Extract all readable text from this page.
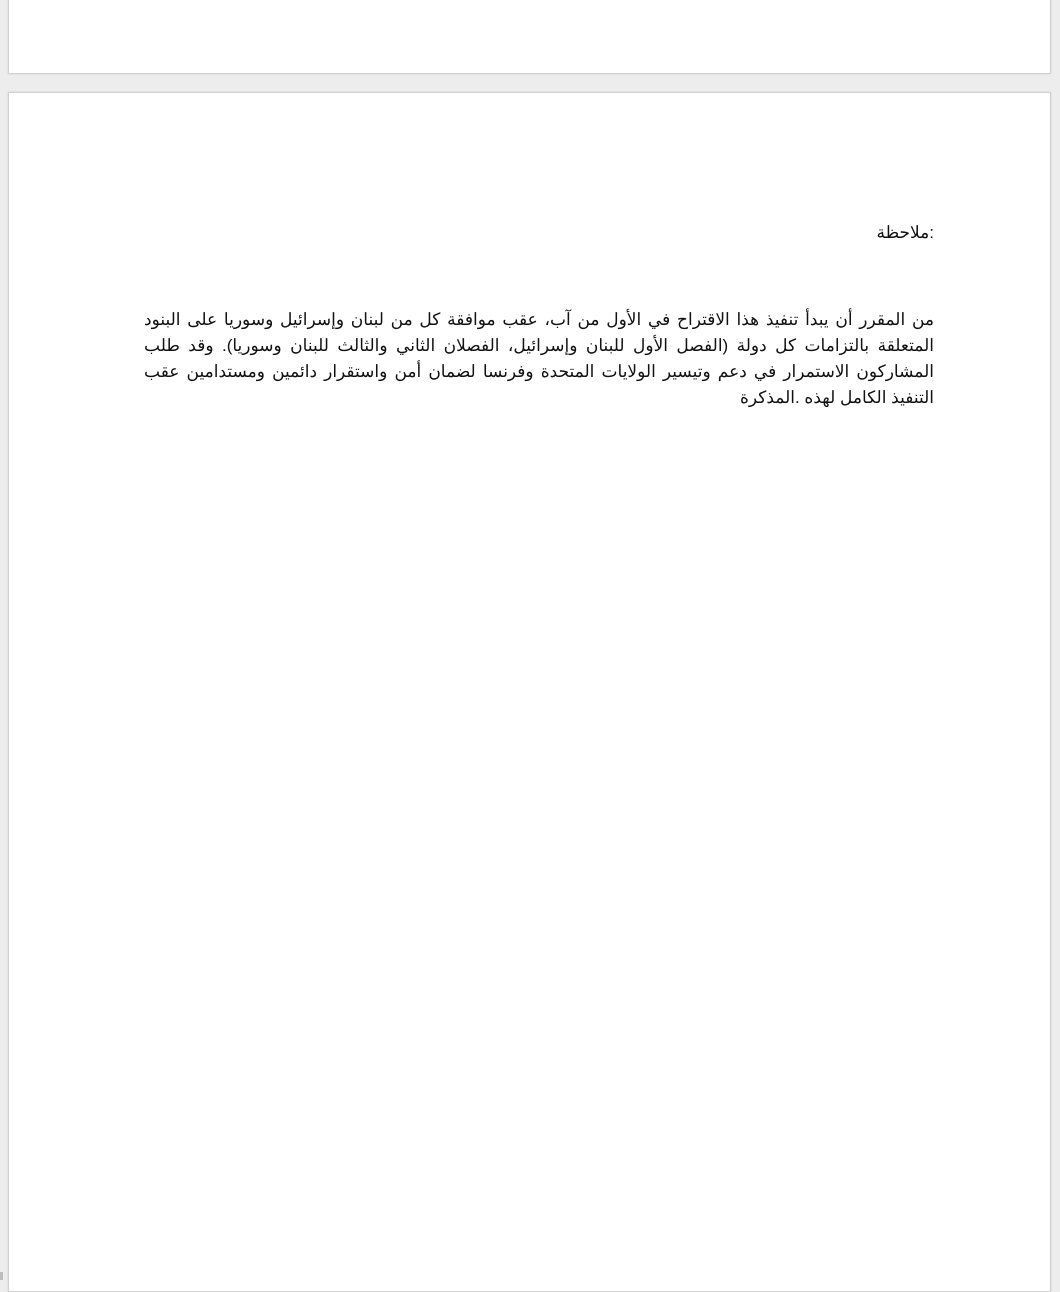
:ملاحظة

من المقرر أن يبدأ تنفيذ هذا الاقتراح في الأول من آب، عقب موافقة كل من لبنان وإسرائيل وسوريا على البنود المتعلقة بالتزامات كل دولة (الفصل الأول للبنان وإسرائيل، الفصلان الثاني والثالث للبنان وسوريا). وقد طلب المشاركون الاستمرار في دعم وتيسير الولايات المتحدة وفرنسا لضمان أمن واستقرار دائمين ومستدامين عقب التنفيذ الكامل لهذه .المذكرة
